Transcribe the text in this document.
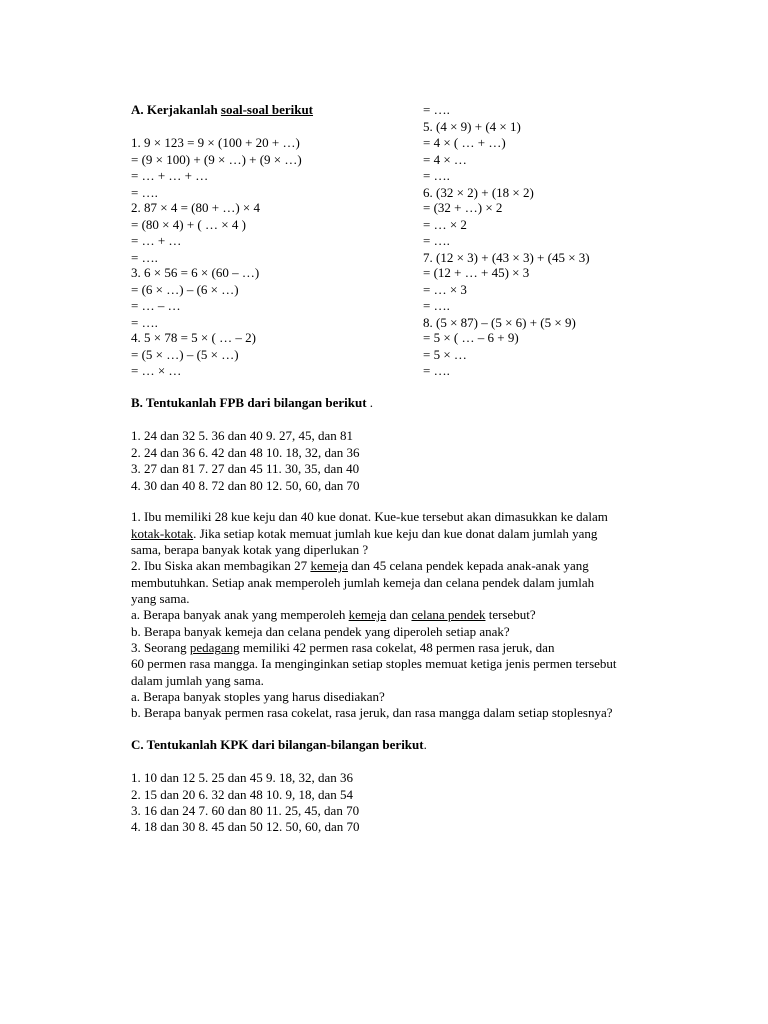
A. Kerjakanlah soal-soal berikut
1. 9 × 123 = 9 × (100 + 20 + …)
= (9 × 100) + (9 × …) + (9 × …)
= … + … + …
= ….
2. 87 × 4 = (80 + …) × 4
= (80 × 4) + ( … × 4 )
= … + …
= ….
3. 6 × 56 = 6 × (60 – …)
= (6 × …) – (6 × …)
= … – …
= ….
4. 5 × 78 = 5 × ( … – 2)
= (5 × …) – (5 × …)
= … × …
= ….
5. (4 × 9) + (4 × 1)
= 4 × ( … + …)
= 4 × …
= ….
6. (32 × 2) + (18 × 2)
= (32 + …) × 2
= … × 2
= ….
7. (12 × 3) + (43 × 3) + (45 × 3)
= (12 + … + 45) × 3
= … × 3
= ….
8. (5 × 87) – (5 × 6) + (5 × 9)
= 5 × ( … – 6 + 9)
= 5 × …
= ….
B. Tentukanlah FPB dari bilangan berikut .
1. 24 dan 32 5. 36 dan 40 9. 27, 45, dan 81
2. 24 dan 36 6. 42 dan 48 10. 18, 32, dan 36
3. 27 dan 81 7. 27 dan 45 11. 30, 35, dan 40
4. 30 dan 40 8. 72 dan 80 12. 50, 60, dan 70
1. Ibu memiliki 28 kue keju dan 40 kue donat. Kue-kue tersebut akan dimasukkan ke dalam
kotak-kotak. Jika setiap kotak memuat jumlah kue keju dan kue donat dalam jumlah yang
sama, berapa banyak kotak yang diperlukan ?
2. Ibu Siska akan membagikan 27 kemeja dan 45 celana pendek kepada anak-anak yang
membutuhkan. Setiap anak memperoleh jumlah kemeja dan celana pendek dalam jumlah
yang sama.
a. Berapa banyak anak yang memperoleh kemeja dan celana pendek tersebut?
b. Berapa banyak kemeja dan celana pendek yang diperoleh setiap anak?
3. Seorang pedagang memiliki 42 permen rasa cokelat, 48 permen rasa jeruk, dan
60 permen rasa mangga. Ia menginginkan setiap stoples memuat ketiga jenis permen tersebut
dalam jumlah yang sama.
a. Berapa banyak stoples yang harus disediakan?
b. Berapa banyak permen rasa cokelat, rasa jeruk, dan rasa mangga dalam setiap stoplesnya?
C. Tentukanlah KPK dari bilangan-bilangan berikut.
1. 10 dan 12 5. 25 dan 45 9. 18, 32, dan 36
2. 15 dan 20 6. 32 dan 48 10. 9, 18, dan 54
3. 16 dan 24 7. 60 dan 80 11. 25, 45, dan 70
4. 18 dan 30 8. 45 dan 50 12. 50, 60, dan 70
